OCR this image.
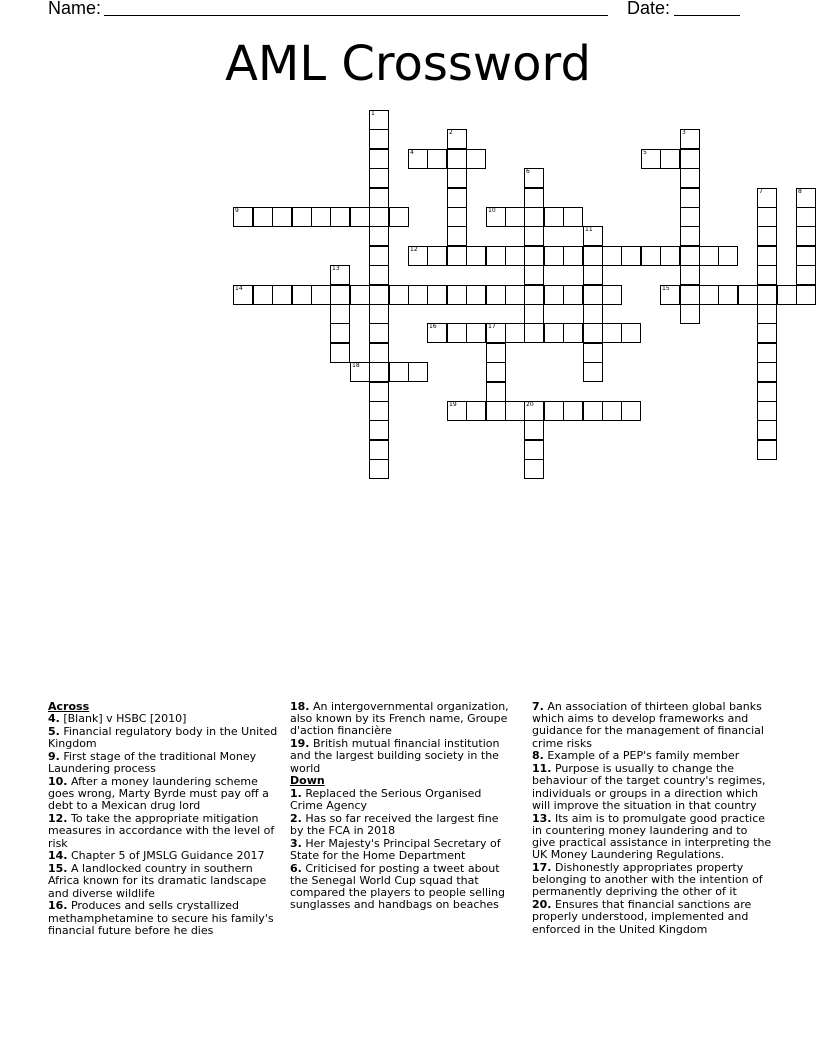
Name:	Date:
AML Crossword
1
2	3
4	5
6
7	8
9	10
11
12
13
14	15
16	17
18
19	20
Across
4. [Blank] v HSBC [2010]
5. Financial regulatory body in the United Kingdom
9. First stage of the traditional Money Laundering process
10. After a money laundering scheme goes wrong, Marty Byrde must pay off a debt to a Mexican drug lord
12. To take the appropriate mitigation measures in accordance with the level of risk
14. Chapter 5 of JMSLG Guidance 2017
15. A landlocked country in southern Africa known for its dramatic landscape and diverse wildlife
16. Produces and sells crystallized methamphetamine to secure his family's financial future before he dies
18. An intergovernmental organization, also known by its French name, Groupe d'action financière
19. British mutual financial institution and the largest building society in the world
Down
1. Replaced the Serious Organised Crime Agency
2. Has so far received the largest fine by the FCA in 2018
3. Her Majesty's Principal Secretary of State for the Home Department
6. Criticised for posting a tweet about the Senegal World Cup squad that compared the players to people selling sunglasses and handbags on beaches
7. An association of thirteen global banks which aims to develop frameworks and guidance for the management of financial crime risks
8. Example of a PEP's family member
11. Purpose is usually to change the behaviour of the target country's regimes, individuals or groups in a direction which will improve the situation in that country
13. Its aim is to promulgate good practice in countering money laundering and to give practical assistance in interpreting the UK Money Laundering Regulations.
17. Dishonestly appropriates property belonging to another with the intention of permanently depriving the other of it
20. Ensures that financial sanctions are properly understood, implemented and enforced in the United Kingdom
